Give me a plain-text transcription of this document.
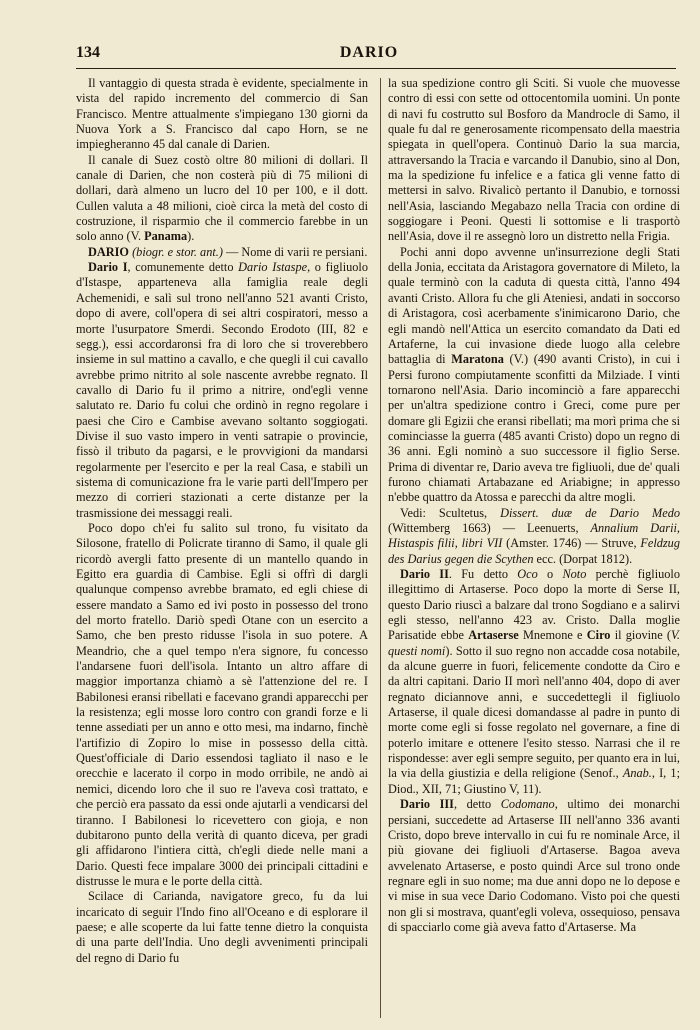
134	DARIO

Il vantaggio di questa strada è evidente, specialmente in vista del rapido incremento del commercio di San Francisco. Mentre attualmente s'impiegano 130 giorni da Nuova York a S. Francisco dal capo Horn, se ne impiegheranno 45 dal canale di Darien.

Il canale di Suez costò oltre 80 milioni di dollari. Il canale di Darien, che non costerà più di 75 milioni di dollari, darà almeno un lucro del 10 per 100, e il dott. Cullen valuta a 48 milioni, cioè circa la metà del costo di costruzione, il risparmio che il commercio farebbe in un solo anno (V. Panama).

DARIO (biogr. e stor. ant.) — Nome di varii re persiani.

Dario I, comunemente detto Dario Istaspe, o figliuolo d'Istaspe, apparteneva alla famiglia reale degli Achemenidi, e salì sul trono nell'anno 521 avanti Cristo, dopo di avere, coll'opera di sei altri cospiratori, messo a morte l'usurpatore Smerdi. Secondo Erodoto (III, 82 e segg.), essi accordaronsi fra di loro che si troverebbero insieme in sul mattino a cavallo, e che quegli il cui cavallo avrebbe primo nitrito al sole nascente avrebbe regnato. Il cavallo di Dario fu il primo a nitrire, ond'egli venne salutato re. Dario fu colui che ordinò in regno regolare i paesi che Ciro e Cambise avevano soltanto soggiogati. Divise il suo vasto impero in venti satrapie o provincie, fissò il tributo da pagarsi, e le provvigioni da mandarsi regolarmente per l'esercito e per la real Casa, e stabilì un sistema di comunicazione fra le varie parti dell'Impero per mezzo di corrieri stazionati a certe distanze per la trasmissione dei messaggi reali.

Poco dopo ch'ei fu salito sul trono, fu visitato da Silosone, fratello di Policrate tiranno di Samo, il quale gli ricordò avergli fatto presente di un mantello quando in Egitto era guardia di Cambise. Egli si offrì di dargli qualunque compenso avrebbe bramato, ed egli chiese di essere mandato a Samo ed ivi posto in possesso del trono del morto fratello. Dariò spedì Otane con un esercito a Samo, che ben presto ridusse l'isola in suo potere. A Meandrio, che a quel tempo n'era signore, fu concesso l'andarsene fuori dell'isola. Intanto un altro affare di maggior importanza chiamò a sè l'attenzione del re. I Babilonesi eransi ribellati e facevano grandi apparecchi per la resistenza; egli mosse loro contro con grandi forze e li tenne assediati per un anno e otto mesi, ma indarno, finchè l'artifizio di Zopiro lo mise in possesso della città. Quest'officiale di Dario essendosi tagliato il naso e le orecchie e lacerato il corpo in modo orribile, ne andò ai nemici, dicendo loro che il suo re l'aveva così trattato, e che perciò era passato da essi onde ajutarli a vendicarsi del tiranno. I Babilonesi lo ricevettero con gioja, e non dubitarono punto della verità di quanto diceva, per gradi gli affidarono l'intiera città, ch'egli diede nelle mani a Dario. Questi fece impalare 3000 dei principali cittadini e distrusse le mura e le porte della città.

Scilace di Carianda, navigatore greco, fu da lui incaricato di seguir l'Indo fino all'Oceano e di esplorare il paese; e alle scoperte da lui fatte tenne dietro la conquista di una parte dell'India. Uno degli avvenimenti principali del regno di Dario fu

la sua spedizione contro gli Sciti. Si vuole che muovesse contro di essi con sette od ottocentomila uomini. Un ponte di navi fu costrutto sul Bosforo da Mandrocle di Samo, il quale fu dal re generosamente ricompensato della maestria spiegata in quell'opera. Continuò Dario la sua marcia, attraversando la Tracia e varcando il Danubio, sino al Don, ma la spedizione fu infelice e a fatica gli venne fatto di mettersi in salvo. Rivalicò pertanto il Danubio, e tornossi nell'Asia, lasciando Megabazo nella Tracia con ordine di soggiogare i Peoni. Questi li sottomise e li trasportò nell'Asia, dove il re assegnò loro un distretto nella Frigia.

Pochi anni dopo avvenne un'insurrezione degli Stati della Jonia, eccitata da Aristagora governatore di Mileto, la quale terminò con la caduta di questa città, l'anno 494 avanti Cristo. Allora fu che gli Ateniesi, andati in soccorso di Aristagora, così acerbamente s'inimicarono Dario, che egli mandò nell'Attica un esercito comandato da Dati ed Artaferne, la cui invasione diede luogo alla celebre battaglia di Maratona (V.) (490 avanti Cristo), in cui i Persi furono compiutamente sconfitti da Milziade. I vinti tornarono nell'Asia. Dario incominciò a fare apparecchi per un'altra spedizione contro i Greci, come pure per domare gli Egizii che eransi ribellati; ma morì prima che si cominciasse la guerra (485 avanti Cristo) dopo un regno di 36 anni. Egli nominò a suo successore il figlio Serse. Prima di diventar re, Dario aveva tre figliuoli, due de' quali furono chiamati Artabazane ed Ariabigne; in appresso n'ebbe quattro da Atossa e parecchi da altre mogli.

Vedi: Scultetus, Dissert. duæ de Dario Medo (Wittemberg 1663) — Leenuerts, Annalium Darii, Histaspis filii, libri VII (Amster. 1746) — Struve, Feldzug des Darius gegen die Scythen ecc. (Dorpat 1812).

Dario II. Fu detto Oco o Noto perchè figliuolo illegittimo di Artaserse. Poco dopo la morte di Serse II, questo Dario riuscì a balzare dal trono Sogdiano e a salirvi egli stesso, nell'anno 423 av. Cristo. Dalla moglie Parisatide ebbe Artaserse Mnemone e Ciro il giovine (V. questi nomi). Sotto il suo regno non accadde cosa notabile, da alcune guerre in fuori, felicemente condotte da Ciro e da altri capitani. Dario II morì nell'anno 404, dopo di aver regnato diciannove anni, e succedettegli il figliuolo Artaserse, il quale dicesi domandasse al padre in punto di morte come egli si fosse regolato nel governare, a fine di poterlo imitare e ottenere l'esito stesso. Narrasi che il re rispondesse: aver egli sempre seguito, per quanto era in lui, la via della giustizia e della religione (Senof., Anab., I, 1; Diod., XII, 71; Giustino V, 11).

Dario III, detto Codomano, ultimo dei monarchi persiani, succedette ad Artaserse III nell'anno 336 avanti Cristo, dopo breve intervallo in cui fu re nominale Arce, il più giovane dei figliuoli d'Artaserse. Bagoa aveva avvelenato Artaserse, e posto quindi Arce sul trono onde regnare egli in suo nome; ma due anni dopo ne lo depose e vi mise in sua vece Dario Codomano. Visto poi che questi non gli si mostrava, quant'egli voleva, ossequioso, pensava di spacciarlo come già aveva fatto d'Artaserse. Ma
